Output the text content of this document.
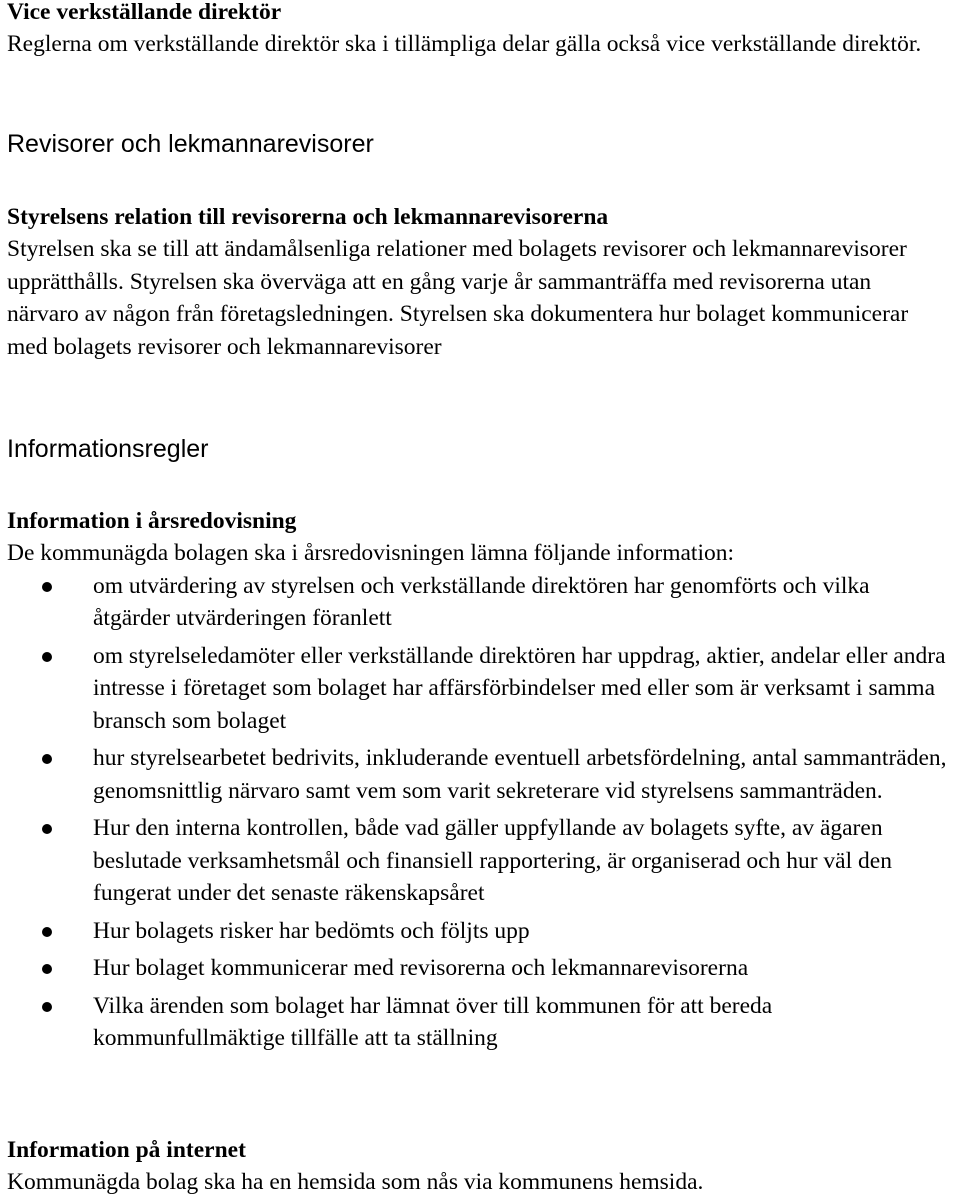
Vice verkställande direktör

Reglerna om verkställande direktör ska i tillämpliga delar gälla också vice verkställande direktör.

Revisorer och lekmannarevisorer
Styrelsens relation till revisorerna och lekmannarevisorerna

Styrelsen ska se till att ändamålsenliga relationer med bolagets revisorer och lekmannarevisorer upprätthålls. Styrelsen ska överväga att en gång varje år sammanträffa med revisorerna utan närvaro av någon från företagsledningen. Styrelsen ska dokumentera hur bolaget kommunicerar med bolagets revisorer och lekmannarevisorer

Informationsregler
Information i årsredovisning

De kommunägda bolagen ska i årsredovisningen lämna följande information:

om utvärdering av styrelsen och verkställande direktören har genomförts och vilka åtgärder utvärderingen föranlett
om styrelseledamöter eller verkställande direktören har uppdrag, aktier, andelar eller andra intresse i företaget som bolaget har affärsförbindelser med eller som är verksamt i samma bransch som bolaget
hur styrelsearbetet bedrivits, inkluderande eventuell arbetsfördelning, antal sammanträden, genomsnittlig närvaro samt vem som varit sekreterare vid styrelsens sammanträden.
Hur den interna kontrollen, både vad gäller uppfyllande av bolagets syfte, av ägaren beslutade verksamhetsmål och finansiell rapportering, är organiserad och hur väl den fungerat under det senaste räkenskapsåret
Hur bolagets risker har bedömts och följts upp
Hur bolaget kommunicerar med revisorerna och lekmannarevisorerna
Vilka ärenden som bolaget har lämnat över till kommunen för att bereda kommunfullmäktige tillfälle att ta ställning
Information på internet

Kommunägda bolag ska ha en hemsida som nås via kommunens hemsida.
